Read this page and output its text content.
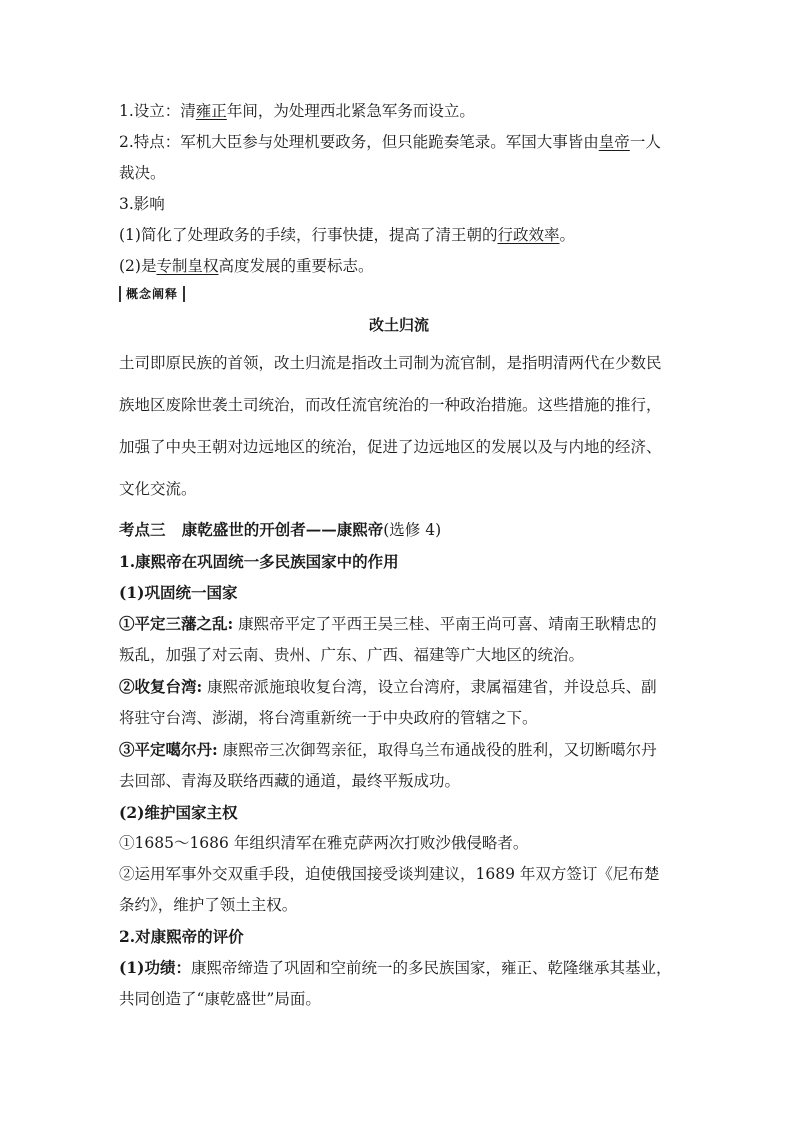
1.设立：清雍正年间，为处理西北紧急军务而设立。
2.特点：军机大臣参与处理机要政务，但只能跪奏笔录。军国大事皆由皇帝一人
裁决。
3.影响
(1)简化了处理政务的手续，行事快捷，提高了清王朝的行政效率。
(2)是专制皇权高度发展的重要标志。
概念阐释
改土归流
土司即原民族的首领，改土归流是指改土司制为流官制，是指明清两代在少数民
族地区废除世袭土司统治，而改任流官统治的一种政治措施。这些措施的推行，
加强了中央王朝对边远地区的统治，促进了边远地区的发展以及与内地的经济、
文化交流。
考点三 康乾盛世的开创者——康熙帝(选修 4)
1.康熙帝在巩固统一多民族国家中的作用
(1)巩固统一国家
①平定三藩之乱: 康熙帝平定了平西王吴三桂、平南王尚可喜、靖南王耿精忠的
叛乱，加强了对云南、贵州、广东、广西、福建等广大地区的统治。
②收复台湾: 康熙帝派施琅收复台湾，设立台湾府，隶属福建省，并设总兵、副
将驻守台湾、澎湖，将台湾重新统一于中央政府的管辖之下。
③平定噶尔丹: 康熙帝三次御驾亲征，取得乌兰布通战役的胜利，又切断噶尔丹
去回部、青海及联络西藏的通道，最终平叛成功。
(2)维护国家主权
①1685～1686 年组织清军在雅克萨两次打败沙俄侵略者。
②运用军事外交双重手段，迫使俄国接受谈判建议，1689 年双方签订《尼布楚
条约》，维护了领土主权。
2.对康熙帝的评价
(1)功绩：康熙帝缔造了巩固和空前统一的多民族国家，雍正、乾隆继承其基业，
共同创造了“康乾盛世”局面。
